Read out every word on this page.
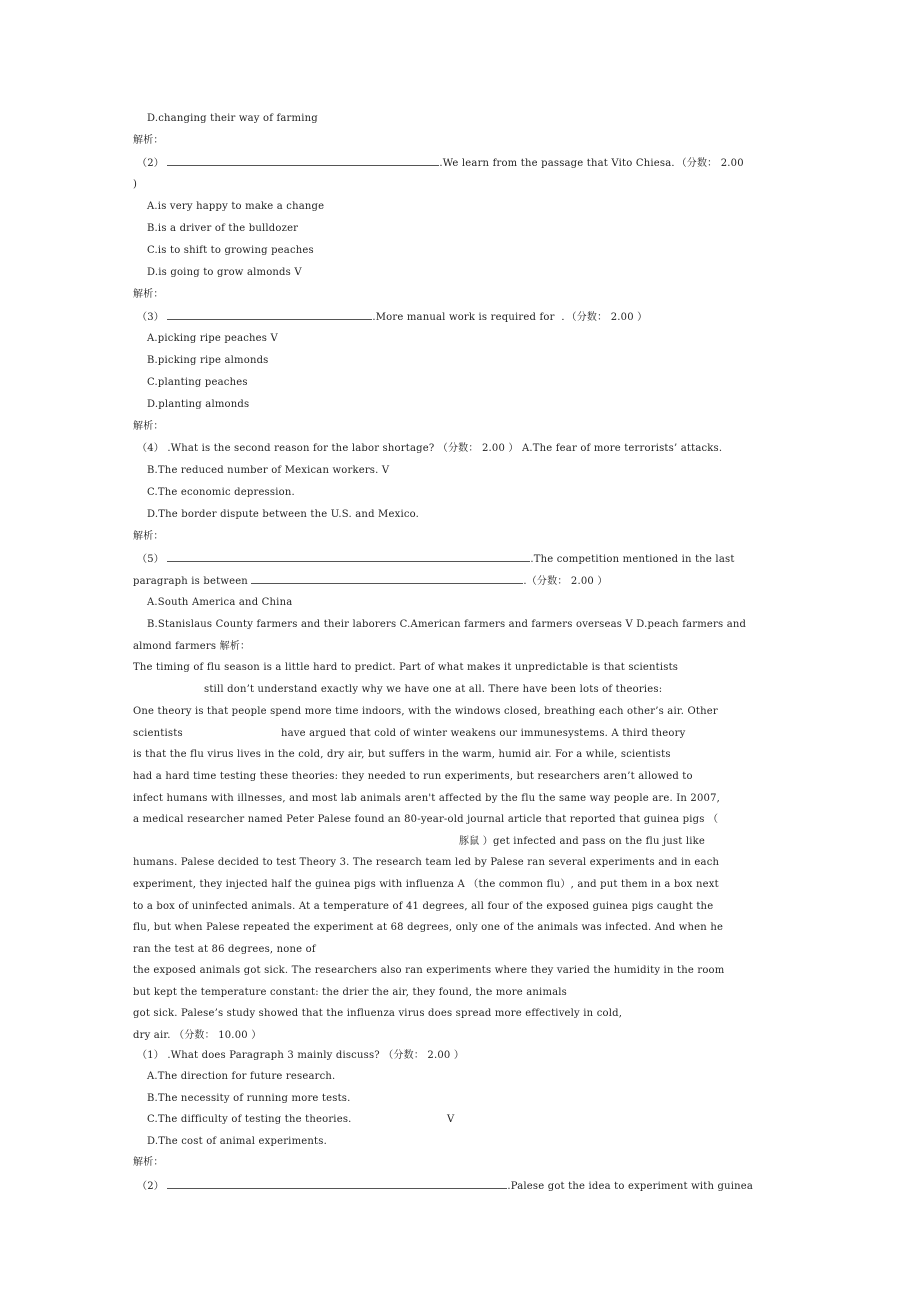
D.changing their way of farming
解析：
（2）	.We learn from the passage that Vito Chiesa．（分数： 2.00
)
A.is very happy to make a change
B.is a driver of the bulldozer
C.is to shift to growing peaches
D.is going to grow almonds V
解析：
（3）	.More manual work is required for  ．（分数： 2.00 ）
A.picking ripe peaches V
B.picking ripe almonds
C.planting peaches
D.planting almonds
解析：
（4） .What is the second reason for the labor shortage? （分数： 2.00 ） A.The fear of more terrorists’ attacks.
B.The reduced number of Mexican workers. V
C.The economic depression.
D.The border dispute between the U.S. and Mexico.
解析：
（5）	.The competition mentioned in the last
paragraph is between	.（分数： 2.00 ）
A.South America and China
B.Stanislaus County farmers and their laborers C.American farmers and farmers overseas V D.peach farmers and
almond farmers 解析：
The timing of flu season is a little hard to predict. Part of what makes it unpredictable is that scientists
still don’t understand exactly why we have one at all. There have been lots of theories:
One theory is that people spend more time indoors, with the windows closed, breathing each other’s air. Other
scientists	have argued that cold of winter weakens our immunesystems. A third theory
is that the flu virus lives in the cold, dry air, but suffers in the warm, humid air. For a while, scientists
had a hard time testing these theories: they needed to run experiments, but researchers aren’t allowed to
infect humans with illnesses, and most lab animals aren't affected by the flu the same way people are. In 2007,
a medical researcher named Peter Palese found an 80-year-old journal article that reported that guinea pigs （
豚鼠 ）get infected and pass on the flu just like
humans. Palese decided to test Theory 3. The research team led by Palese ran several experiments and in each
experiment, they injected half the guinea pigs with influenza A （the common flu）, and put them in a box next
to a box of uninfected animals. At a temperature of 41 degrees, all four of the exposed guinea pigs caught the
flu, but when Palese repeated the experiment at 68 degrees, only one of the animals was infected. And when he
ran the test at 86 degrees, none of
the exposed animals got sick. The researchers also ran experiments where they varied the humidity in the room
but kept the temperature constant: the drier the air, they found, the more animals
got sick. Palese’s study showed that the influenza virus does spread more effectively in cold,
dry air. （分数： 10.00 ）
（1） .What does Paragraph 3 mainly discuss? （分数： 2.00 ）
A.The direction for future research.
B.The necessity of running more tests.
C.The difficulty of testing the theories.	V
D.The cost of animal experiments.
解析：
（2）	.Palese got the idea to experiment with guinea
